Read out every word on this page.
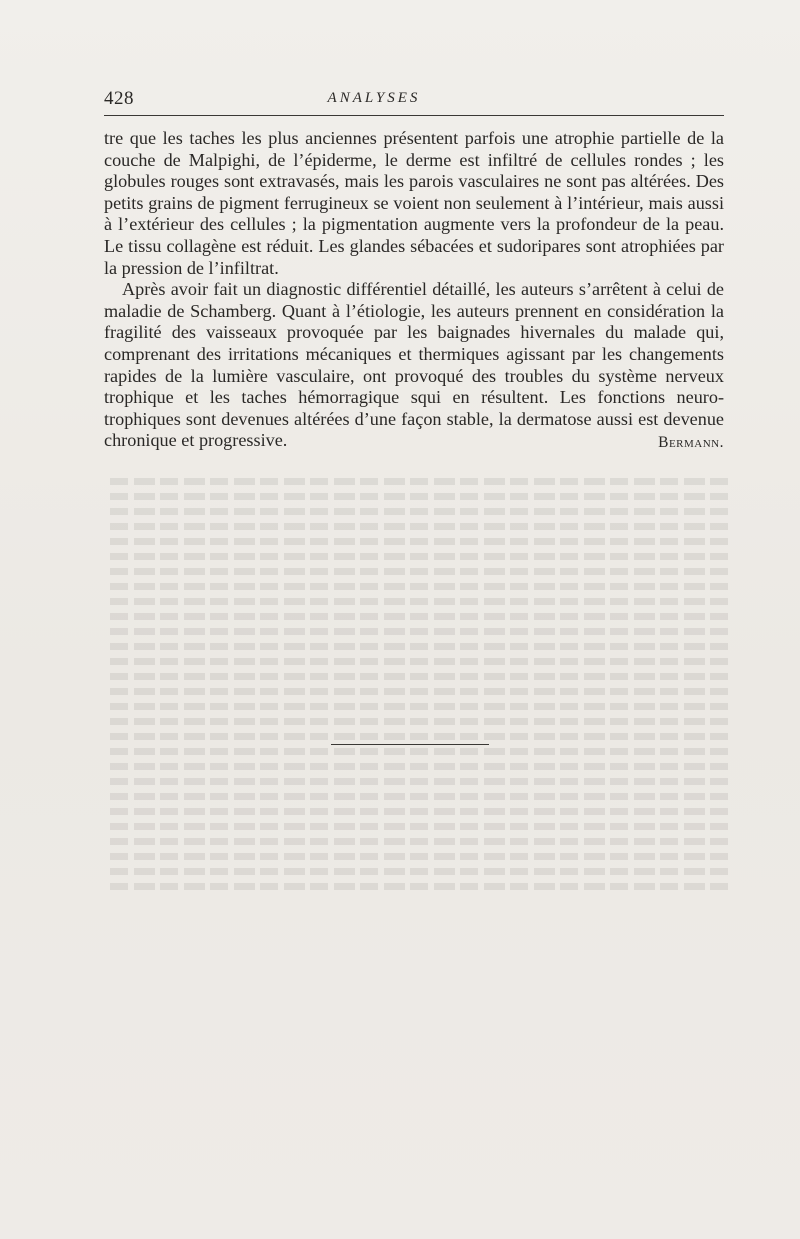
428	ANALYSES

tre que les taches les plus anciennes présentent parfois une atrophie partielle de la couche de Malpighi, de l’épiderme, le derme est infiltré de cellules rondes ; les globules rouges sont extravasés, mais les parois vasculaires ne sont pas altérées. Des petits grains de pigment ferrugineux se voient non seulement à l’intérieur, mais aussi à l’extérieur des cellules ; la pigmentation augmente vers la profondeur de la peau. Le tissu collagène est réduit. Les glandes sébacées et sudoripares sont atrophiées par la pression de l’infiltrat.

Après avoir fait un diagnostic différentiel détaillé, les auteurs s’arrêtent à celui de maladie de Schamberg. Quant à l’étiologie, les auteurs prennent en considération la fragilité des vaisseaux provoquée par les baignades hivernales du malade qui, comprenant des irritations mécaniques et thermiques agissant par les changements rapides de la lumière vasculaire, ont provoqué des troubles du système nerveux trophique et les taches hémorragique squi en résultent. Les fonctions neuro-trophiques sont devenues altérées d’une façon stable, la dermatose aussi est devenue chronique et progressive.	Bermann.
